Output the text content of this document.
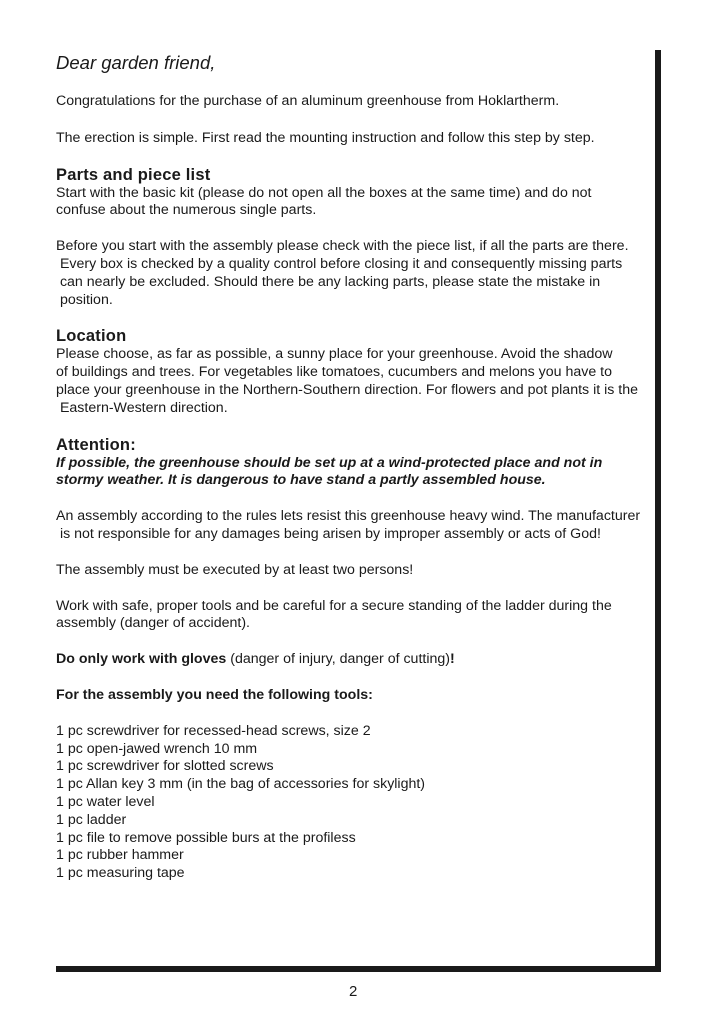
Dear garden friend,

Congratulations for the purchase of an aluminum greenhouse from Hoklartherm.

The erection is simple. First read the mounting instruction and follow this step by step.

Parts and piece list

Start with the basic kit (please do not open all the boxes at the same time) and do not

confuse about the numerous single parts.

Before you start with the assembly please check with the piece list, if all the parts are there.

Every box is checked by a quality control before closing it and consequently missing parts

can nearly be excluded. Should there be any lacking parts, please state the mistake in

position.

Location

Please choose, as far as possible, a sunny place for your greenhouse. Avoid the shadow

of buildings and trees. For vegetables like tomatoes, cucumbers and melons you have to

place your greenhouse in the Northern-Southern direction. For flowers and pot plants it is the

Eastern-Western direction.

Attention:

If possible, the greenhouse should be set up at a wind-protected place and not in

stormy weather. It is dangerous to have stand a partly assembled house.

An assembly according to the rules lets resist this greenhouse heavy wind. The manufacturer

is not responsible for any damages being arisen by improper assembly or acts of God!

The assembly must be executed by at least two persons!

Work with safe, proper tools and be careful for a secure standing of the ladder during the

assembly (danger of accident).

Do only work with gloves (danger of injury, danger of cutting)!

For the assembly you need the following tools:

1 pc screwdriver for recessed-head screws, size 2

1 pc open-jawed wrench 10 mm

1 pc screwdriver for slotted screws

1 pc Allan key 3 mm (in the bag of accessories for skylight)

1 pc water level

1 pc ladder

1 pc file to remove possible burs at the profiless

1 pc rubber hammer

1 pc measuring tape

2
